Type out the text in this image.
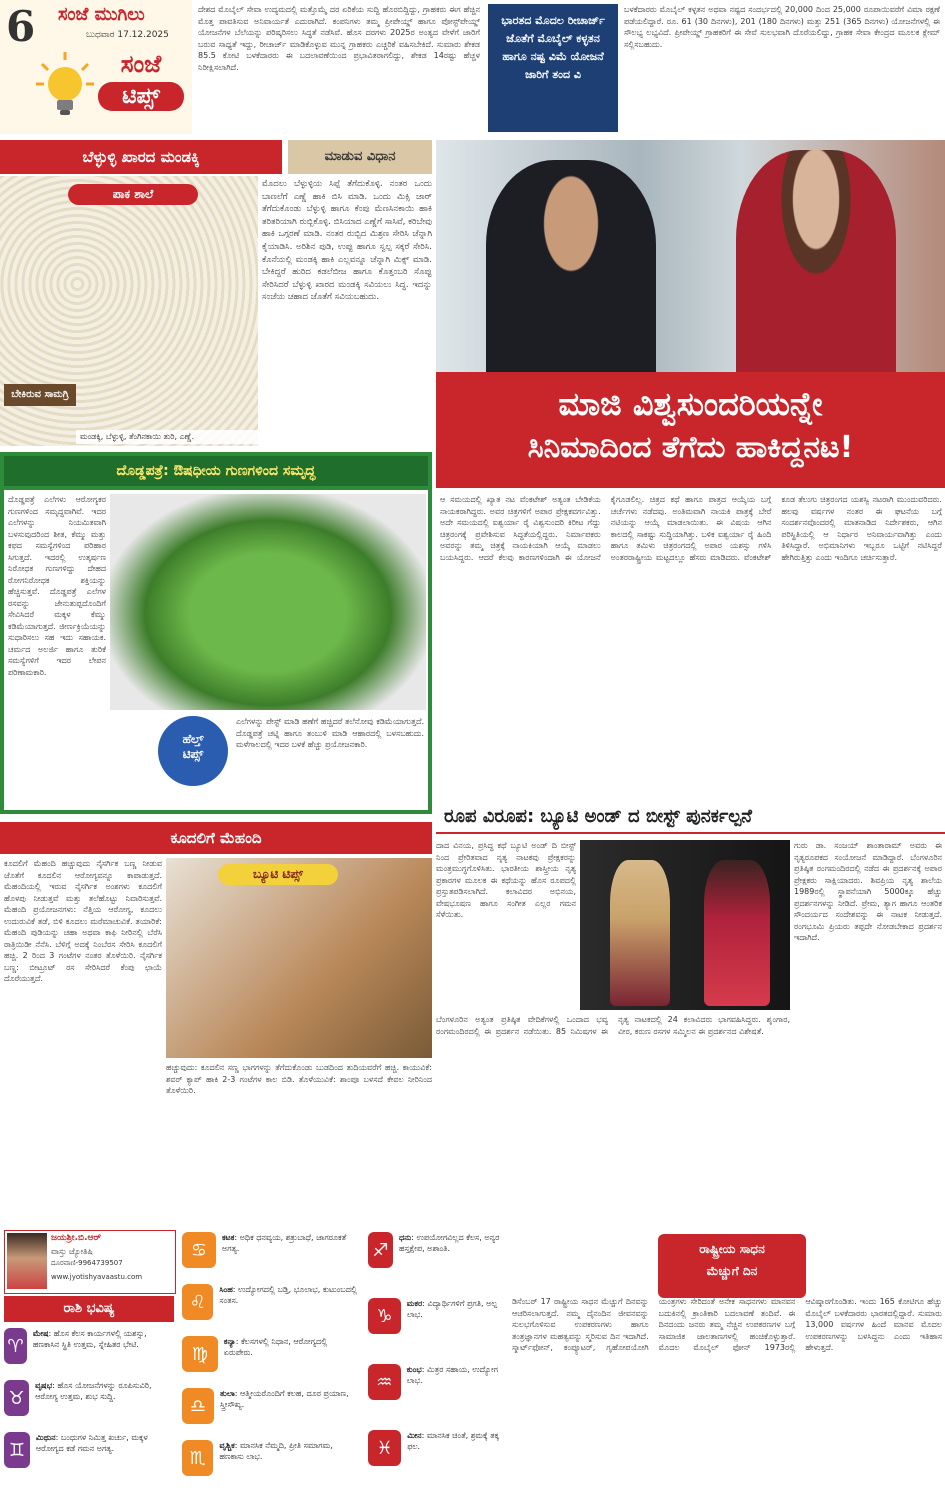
6 ಸಂಜೆ ಮುಗಿಲು
ಬುಧವಾರ 17.12.2025
ಸಂಜೆ
ಟಿಪ್ಸ್
ದೇಶದ ಮೊಬೈಲ್ ಸೇವಾ ಉದ್ಯಮದಲ್ಲಿ ಮತ್ತೊಮ್ಮೆ ದರ ಏರಿಕೆಯ ಸುದ್ದಿ ಹೊರಬಿದ್ದಿದ್ದು, ಗ್ರಾಹಕರು ಈಗ ಹೆಚ್ಚಿನ ಮೊತ್ತ ಪಾವತಿಸುವ ಅನಿವಾರ್ಯತೆ ಎದುರಾಗಿದೆ. ಕಂಪನಿಗಳು ತಮ್ಮ ಪ್ರೀಪೇಯ್ಡ್ ಹಾಗೂ ಪೋಸ್ಟ್‌ಪೇಯ್ಡ್ ಯೋಜನೆಗಳ ಬೆಲೆಯನ್ನು ಪರಿಷ್ಕರಿಸಲು ಸಿದ್ಧತೆ ನಡೆಸಿವೆ. ಹೊಸ ದರಗಳು 2025ರ ಅಂತ್ಯದ ವೇಳೆಗೆ ಜಾರಿಗೆ ಬರುವ ಸಾಧ್ಯತೆ ಇದ್ದು, ರೀಚಾರ್ಜ್ ಮಾಡಿಕೊಳ್ಳುವ ಮುನ್ನ ಗ್ರಾಹಕರು ಎಚ್ಚರಿಕೆ ವಹಿಸಬೇಕಿದೆ. ಸುಮಾರು ಶೇಕಡ 85.5 ಕೋಟಿ ಬಳಕೆದಾರರು ಈ ಬದಲಾವಣೆಯಿಂದ ಪ್ರಭಾವಿತರಾಗಲಿದ್ದು, ಶೇಕಡ 14ರಷ್ಟು ಹೆಚ್ಚಳ ನಿರೀಕ್ಷಿಸಲಾಗಿದೆ.
ಭಾರತದ ಮೊದಲ ರೀಚಾರ್ಜ್ ಜೊತೆಗೆ ಮೊಬೈಲ್ ಕಳ್ಳತನ ಹಾಗೂ ನಷ್ಟ ವಿಮೆ ಯೋಜನೆ ಜಾರಿಗೆ ತಂದ ವಿ
ಬಳಕೆದಾರರು ಮೊಬೈಲ್ ಕಳ್ಳತನ ಅಥವಾ ನಷ್ಟದ ಸಂದರ್ಭದಲ್ಲಿ 20,000 ದಿಂದ 25,000 ರೂಪಾಯಿವರೆಗೆ ವಿಮಾ ರಕ್ಷಣೆ ಪಡೆಯಲಿದ್ದಾರೆ. ರೂ. 61 (30 ದಿನಗಳು), 201 (180 ದಿನಗಳು) ಮತ್ತು 251 (365 ದಿನಗಳು) ಯೋಜನೆಗಳಲ್ಲಿ ಈ ಸೌಲಭ್ಯ ಲಭ್ಯವಿದೆ. ಪ್ರೀಪೇಯ್ಡ್ ಗ್ರಾಹಕರಿಗೆ ಈ ಸೇವೆ ಸುಲಭವಾಗಿ ದೊರೆಯಲಿದ್ದು, ಗ್ರಾಹಕ ಸೇವಾ ಕೇಂದ್ರದ ಮೂಲಕ ಕ್ಲೇಮ್ ಸಲ್ಲಿಸಬಹುದು.
ಬೆಳ್ಳುಳ್ಳಿ ಖಾರದ ಮಂಡಕ್ಕಿ	ಮಾಡುವ ವಿಧಾನ
ಪಾಕ ಶಾಲೆ
ಬೇಕಿರುವ ಸಾಮಗ್ರಿ
ಮಂಡಕ್ಕಿ, ಬೆಳ್ಳುಳ್ಳಿ, ತೆಂಗಿನಕಾಯಿ ತುರಿ, ಎಣ್ಣೆ.
ಮೊದಲು ಬೆಳ್ಳುಳ್ಳಿಯ ಸಿಪ್ಪೆ ತೆಗೆದುಕೊಳ್ಳಿ. ನಂತರ ಒಂದು ಬಾಣಲೆಗೆ ಎಣ್ಣೆ ಹಾಕಿ ಬಿಸಿ ಮಾಡಿ. ಒಂದು ಮಿಕ್ಸಿ ಜಾರ್ ತೆಗೆದುಕೊಂಡು ಬೆಳ್ಳುಳ್ಳಿ ಹಾಗೂ ಕೆಂಪು ಮೆಣಸಿನಕಾಯಿ ಹಾಕಿ ತರಿತರಿಯಾಗಿ ರುಬ್ಬಿಕೊಳ್ಳಿ. ಬಿಸಿಯಾದ ಎಣ್ಣೆಗೆ ಸಾಸಿವೆ, ಕರಿಬೇವು ಹಾಕಿ ಒಗ್ಗರಣೆ ಮಾಡಿ. ನಂತರ ರುಬ್ಬಿದ ಮಿಶ್ರಣ ಸೇರಿಸಿ ಚೆನ್ನಾಗಿ ಕೈಯಾಡಿಸಿ. ಅರಿಶಿನ ಪುಡಿ, ಉಪ್ಪು ಹಾಗೂ ಸ್ವಲ್ಪ ಸಕ್ಕರೆ ಸೇರಿಸಿ. ಕೊನೆಯಲ್ಲಿ ಮಂಡಕ್ಕಿ ಹಾಕಿ ಎಲ್ಲವನ್ನೂ ಚೆನ್ನಾಗಿ ಮಿಕ್ಸ್ ಮಾಡಿ. ಬೇಕಿದ್ದರೆ ಹುರಿದ ಕಡಲೆಬೀಜ ಹಾಗೂ ಕೊತ್ತಂಬರಿ ಸೊಪ್ಪು ಸೇರಿಸಿದರೆ ಬೆಳ್ಳುಳ್ಳಿ ಖಾರದ ಮಂಡಕ್ಕಿ ಸವಿಯಲು ಸಿದ್ಧ. ಇದನ್ನು ಸಂಜೆಯ ಚಹಾದ ಜೊತೆಗೆ ಸವಿಯಬಹುದು.
ದೊಡ್ಡಪತ್ರೆ: ಔಷಧೀಯ ಗುಣಗಳಿಂದ ಸಮೃದ್ಧ
ದೊಡ್ಡಪತ್ರೆ ಎಲೆಗಳು ಆರೋಗ್ಯಕರ ಗುಣಗಳಿಂದ ಸಮೃದ್ಧವಾಗಿವೆ. ಇದರ ಎಲೆಗಳನ್ನು ನಿಯಮಿತವಾಗಿ ಬಳಸುವುದರಿಂದ ಶೀತ, ಕೆಮ್ಮು ಮತ್ತು ಕಫದ ಸಮಸ್ಯೆಗಳಿಂದ ಪರಿಹಾರ ಸಿಗುತ್ತದೆ. ಇದರಲ್ಲಿ ಉತ್ಕರ್ಷಣ ನಿರೋಧಕ ಗುಣಗಳಿದ್ದು ದೇಹದ ರೋಗನಿರೋಧಕ ಶಕ್ತಿಯನ್ನು ಹೆಚ್ಚಿಸುತ್ತವೆ. ದೊಡ್ಡಪತ್ರೆ ಎಲೆಗಳ ರಸವನ್ನು ಜೇನುತುಪ್ಪದೊಂದಿಗೆ ಸೇವಿಸಿದರೆ ಮಕ್ಕಳ ಕೆಮ್ಮು ಕಡಿಮೆಯಾಗುತ್ತದೆ. ಜೀರ್ಣಕ್ರಿಯೆಯನ್ನು ಸುಧಾರಿಸಲು ಸಹ ಇದು ಸಹಾಯಕ. ಚರ್ಮದ ಅಲರ್ಜಿ ಹಾಗೂ ತುರಿಕೆ ಸಮಸ್ಯೆಗಳಿಗೆ ಇದರ ಲೇಪನ ಪರಿಣಾಮಕಾರಿ.
ಹೆಲ್ತ್
ಟಿಪ್ಸ್
ಎಲೆಗಳನ್ನು ಪೇಸ್ಟ್ ಮಾಡಿ ಹಣೆಗೆ ಹಚ್ಚಿದರೆ ತಲೆನೋವು ಕಡಿಮೆಯಾಗುತ್ತದೆ. ದೊಡ್ಡಪತ್ರೆ ಚಟ್ನಿ ಹಾಗೂ ತಂಬುಳಿ ಮಾಡಿ ಆಹಾರದಲ್ಲಿ ಬಳಸಬಹುದು. ಮಳೆಗಾಲದಲ್ಲಿ ಇದರ ಬಳಕೆ ಹೆಚ್ಚು ಪ್ರಯೋಜನಕಾರಿ.
ಕೂದಲಿಗೆ ಮೆಹಂದಿ
ಕೂದಲಿಗೆ ಮೆಹಂದಿ ಹಚ್ಚುವುದು ನೈಸರ್ಗಿಕ ಬಣ್ಣ ನೀಡುವ ಜೊತೆಗೆ ಕೂದಲಿನ ಆರೋಗ್ಯವನ್ನೂ ಕಾಪಾಡುತ್ತದೆ. ಮೆಹಂದಿಯಲ್ಲಿ ಇರುವ ನೈಸರ್ಗಿಕ ಅಂಶಗಳು ಕೂದಲಿಗೆ ಹೊಳಪು ನೀಡುತ್ತವೆ ಮತ್ತು ತಲೆಹೊಟ್ಟು ನಿವಾರಿಸುತ್ತವೆ. ಮೆಹಂದಿ ಪ್ರಯೋಜನಗಳು: ನೆತ್ತಿಯ ಆರೋಗ್ಯ, ಕೂದಲು ಉದುರುವಿಕೆ ತಡೆ, ಬಿಳಿ ಕೂದಲು ಮರೆಮಾಚುವಿಕೆ. ತಯಾರಿಕೆ: ಮೆಹಂದಿ ಪುಡಿಯನ್ನು ಚಹಾ ಅಥವಾ ಕಾಫಿ ನೀರಿನಲ್ಲಿ ಬೆರೆಸಿ ರಾತ್ರಿಯಿಡೀ ನೆನೆಸಿ. ಬೆಳಿಗ್ಗೆ ಅದಕ್ಕೆ ನಿಂಬೆರಸ ಸೇರಿಸಿ ಕೂದಲಿಗೆ ಹಚ್ಚಿ. 2 ರಿಂದ 3 ಗಂಟೆಗಳ ನಂತರ ತೊಳೆಯಿರಿ. ನೈಸರ್ಗಿಕ ಬಣ್ಣ: ಬೀಟ್ರೂಟ್ ರಸ ಸೇರಿಸಿದರೆ ಕೆಂಪು ಛಾಯೆ ದೊರೆಯುತ್ತದೆ.
ಬ್ಯೂಟಿ ಟಿಪ್ಸ್
ಹಚ್ಚುವುದು: ಕೂದಲಿನ ಸಣ್ಣ ಭಾಗಗಳನ್ನು ತೆಗೆದುಕೊಂಡು ಬುಡದಿಂದ ತುದಿಯವರೆಗೆ ಹಚ್ಚಿ. ಕಾಯುವಿಕೆ: ಶವರ್ ಕ್ಯಾಪ್ ಹಾಕಿ 2-3 ಗಂಟೆಗಳ ಕಾಲ ಬಿಡಿ. ತೊಳೆಯುವಿಕೆ: ಶಾಂಪೂ ಬಳಸದೆ ಕೇವಲ ನೀರಿನಿಂದ ತೊಳೆಯಿರಿ.
ಮಾಜಿ ವಿಶ್ವಸುಂದರಿಯನ್ನೇ
ಸಿನಿಮಾದಿಂದ ತೆಗೆದು ಹಾಕಿದ್ದನಟ!
ಆ ಸಮಯದಲ್ಲಿ ಖ್ಯಾತ ನಟ ವೆಂಕಟೇಶ್ ಅತ್ಯಂತ ಬೇಡಿಕೆಯ ನಾಯಕರಾಗಿದ್ದರು. ಅವರ ಚಿತ್ರಗಳಿಗೆ ಅಪಾರ ಪ್ರೇಕ್ಷಕವರ್ಗವಿತ್ತು. ಅದೇ ಸಮಯದಲ್ಲಿ ಐಶ್ವರ್ಯಾ ರೈ ವಿಶ್ವಸುಂದರಿ ಕಿರೀಟ ಗೆದ್ದು ಚಿತ್ರರಂಗಕ್ಕೆ ಪ್ರವೇಶಿಸುವ ಸಿದ್ಧತೆಯಲ್ಲಿದ್ದರು. ನಿರ್ಮಾಪಕರು ಅವರನ್ನು ತಮ್ಮ ಚಿತ್ರಕ್ಕೆ ನಾಯಕಿಯಾಗಿ ಆಯ್ಕೆ ಮಾಡಲು ಬಯಸಿದ್ದರು. ಆದರೆ ಕೆಲವು ಕಾರಣಗಳಿಂದಾಗಿ ಈ ಯೋಜನೆ ಕೈಗೂಡಲಿಲ್ಲ. ಚಿತ್ರದ ಕಥೆ ಹಾಗೂ ಪಾತ್ರದ ಆಯ್ಕೆಯ ಬಗ್ಗೆ ಚರ್ಚೆಗಳು ನಡೆದವು. ಅಂತಿಮವಾಗಿ ನಾಯಕಿ ಪಾತ್ರಕ್ಕೆ ಬೇರೆ ನಟಿಯನ್ನು ಆಯ್ಕೆ ಮಾಡಲಾಯಿತು. ಈ ವಿಷಯ ಆಗಿನ ಕಾಲದಲ್ಲಿ ಸಾಕಷ್ಟು ಸುದ್ದಿಯಾಗಿತ್ತು. ಬಳಿಕ ಐಶ್ವರ್ಯಾ ರೈ ಹಿಂದಿ ಹಾಗೂ ತಮಿಳು ಚಿತ್ರರಂಗದಲ್ಲಿ ಅಪಾರ ಯಶಸ್ಸು ಗಳಿಸಿ ಅಂತರರಾಷ್ಟ್ರೀಯ ಮಟ್ಟದಲ್ಲೂ ಹೆಸರು ಮಾಡಿದರು. ವೆಂಕಟೇಶ್ ಕೂಡ ತೆಲುಗು ಚಿತ್ರರಂಗದ ಯಶಸ್ವಿ ನಟರಾಗಿ ಮುಂದುವರಿದರು. ಹಲವು ವರ್ಷಗಳ ನಂತರ ಈ ಘಟನೆಯ ಬಗ್ಗೆ ಸಂದರ್ಶನವೊಂದರಲ್ಲಿ ಮಾತನಾಡಿದ ನಿರ್ದೇಶಕರು, ಆಗಿನ ಪರಿಸ್ಥಿತಿಯಲ್ಲಿ ಆ ನಿರ್ಧಾರ ಅನಿವಾರ್ಯವಾಗಿತ್ತು ಎಂದು ತಿಳಿಸಿದ್ದಾರೆ. ಅಭಿಮಾನಿಗಳು ಇಬ್ಬರೂ ಒಟ್ಟಿಗೆ ನಟಿಸಿದ್ದರೆ ಹೇಗಿರುತ್ತಿತ್ತು ಎಂದು ಇಂದಿಗೂ ಚರ್ಚಿಸುತ್ತಾರೆ.
ರೂಪ ವಿರೂಪ: ಬ್ಯೂಟಿ ಅಂಡ್ ದ ಬೀಸ್ಟ್ ಪುನರ್ಕಲ್ಪನೆ
ದಾದ ವಿನಯ, ಪ್ರಸಿದ್ಧ ಕಥೆ ಬ್ಯೂಟಿ ಅಂಡ್ ದಿ ಬೀಸ್ಟ್ ನಿಂದ ಪ್ರೇರಿತವಾದ ನೃತ್ಯ ನಾಟಕವು ಪ್ರೇಕ್ಷಕರನ್ನು ಮಂತ್ರಮುಗ್ಧಗೊಳಿಸಿತು. ಭಾರತೀಯ ಶಾಸ್ತ್ರೀಯ ನೃತ್ಯ ಪ್ರಕಾರಗಳ ಮೂಲಕ ಈ ಕಥೆಯನ್ನು ಹೊಸ ರೂಪದಲ್ಲಿ ಪ್ರಸ್ತುತಪಡಿಸಲಾಗಿದೆ. ಕಲಾವಿದರ ಅಭಿನಯ, ವೇಷಭೂಷಣ ಹಾಗೂ ಸಂಗೀತ ಎಲ್ಲರ ಗಮನ ಸೆಳೆಯಿತು.
ಗುರು ಡಾ. ಸಂಜಯ್ ಶಾಂತಾರಾಮ್ ಅವರು ಈ ನೃತ್ಯರೂಪಕದ ಸಂಯೋಜನೆ ಮಾಡಿದ್ದಾರೆ. ಬೆಂಗಳೂರಿನ ಪ್ರತಿಷ್ಠಿತ ರಂಗಮಂದಿರದಲ್ಲಿ ನಡೆದ ಈ ಪ್ರದರ್ಶನಕ್ಕೆ ಅಪಾರ ಪ್ರೇಕ್ಷಕರು ಸಾಕ್ಷಿಯಾದರು. ಶಿವಪ್ರಿಯ ನೃತ್ಯ ಶಾಲೆಯ 1989ರಲ್ಲಿ ಸ್ಥಾಪನೆಯಾಗಿ 5000ಕ್ಕೂ ಹೆಚ್ಚು ಪ್ರದರ್ಶನಗಳನ್ನು ನೀಡಿದೆ. ಪ್ರೇಮ, ತ್ಯಾಗ ಹಾಗೂ ಆಂತರಿಕ ಸೌಂದರ್ಯದ ಸಂದೇಶವನ್ನು ಈ ನಾಟಕ ನೀಡುತ್ತದೆ. ರಂಗಭೂಮಿ ಪ್ರಿಯರು ತಪ್ಪದೇ ನೋಡಬೇಕಾದ ಪ್ರದರ್ಶನ ಇದಾಗಿದೆ.
ಬೆಂಗಳೂರಿನ ಅತ್ಯಂತ ಪ್ರತಿಷ್ಠಿತ ವೇದಿಕೆಗಳಲ್ಲಿ ಒಂದಾದ ಭವ್ಯ ರಂಗಮಂದಿರದಲ್ಲಿ ಈ ಪ್ರದರ್ಶನ ನಡೆಯಿತು. 85 ನಿಮಿಷಗಳ ಈ ನೃತ್ಯ ನಾಟಕದಲ್ಲಿ 24 ಕಲಾವಿದರು ಭಾಗವಹಿಸಿದ್ದರು. ಶೃಂಗಾರ, ವೀರ, ಕರುಣ ರಸಗಳ ಸಮ್ಮಿಲನ ಈ ಪ್ರದರ್ಶನದ ವಿಶೇಷತೆ.
ಜಯಶ್ರೀ.ಬಿ.ಆರ್
ವಾಸ್ತು ಜ್ಯೋತಿಷಿ
ದೂರವಾಣಿ-9964739507
www.jyotishyavaastu.com
ರಾಶಿ ಭವಿಷ್ಯ
♈
ಮೇಷ: ಹೊಸ ಕೆಲಸ ಕಾರ್ಯಗಳಲ್ಲಿ ಯಶಸ್ಸು, ಹಣಕಾಸಿನ ಸ್ಥಿತಿ ಉತ್ತಮ, ಸ್ನೇಹಿತರ ಭೇಟಿ.
♉
ವೃಷಭ: ಹೊಸ ಯೋಜನೆಗಳನ್ನು ರೂಪಿಸುವಿರಿ, ಆರೋಗ್ಯ ಉತ್ತಮ, ಶುಭ ಸುದ್ದಿ.
♊
ಮಿಥುನ: ಬಂಧುಗಳ ನಿಮಿತ್ತ ಖರ್ಚು, ಮಕ್ಕಳ ಆರೋಗ್ಯದ ಕಡೆ ಗಮನ ಅಗತ್ಯ.
♋
ಕಟಕ: ಅಧಿಕ ಧನವ್ಯಯ, ಶತ್ರುಬಾಧೆ, ಜಾಗರೂಕತೆ ಅಗತ್ಯ.
♌
ಸಿಂಹ: ಉದ್ಯೋಗದಲ್ಲಿ ಬಡ್ತಿ, ಭೂಲಾಭ, ಕುಟುಂಬದಲ್ಲಿ ಸಂತಸ.
♍
ಕನ್ಯಾ: ಕೆಲಸಗಳಲ್ಲಿ ನಿಧಾನ, ಆರೋಗ್ಯದಲ್ಲಿ ಏರುಪೇರು.
♎
ತುಲಾ: ಆತ್ಮೀಯರೊಂದಿಗೆ ಕಲಹ, ದೂರ ಪ್ರಯಾಣ, ಸ್ತ್ರೀಸೌಖ್ಯ.
♏
ವೃಶ್ಚಿಕ: ಮಾನಸಿಕ ನೆಮ್ಮದಿ, ಪ್ರೀತಿ ಸಮಾಗಮ, ಹಣಕಾಸು ಲಾಭ.
♐
ಧನು: ಉಪಯೋಗವಿಲ್ಲದ ಕೆಲಸ, ಅನ್ಯರ ಹಸ್ತಕ್ಷೇಪ, ಅಶಾಂತಿ.
♑
ಮಕರ: ವಿದ್ಯಾರ್ಥಿಗಳಿಗೆ ಪ್ರಗತಿ, ಅಲ್ಪ ಲಾಭ.
♒
ಕುಂಭ: ಮಿತ್ರರ ಸಹಾಯ, ಉದ್ಯೋಗ ಲಾಭ.
♓
ಮೀನ: ಮಾನಸಿಕ ಚಿಂತೆ, ಶ್ರಮಕ್ಕೆ ತಕ್ಕ ಫಲ.
ರಾಷ್ಟ್ರೀಯ ಸಾಧನ
ಮೆಚ್ಚುಗೆ ದಿನ
ಡಿಸೆಂಬರ್ 17 ರಾಷ್ಟ್ರೀಯ ಸಾಧನ ಮೆಚ್ಚುಗೆ ದಿನವನ್ನು ಆಚರಿಸಲಾಗುತ್ತದೆ. ನಮ್ಮ ದೈನಂದಿನ ಜೀವನವನ್ನು ಸುಲಭಗೊಳಿಸುವ ಉಪಕರಣಗಳು ಹಾಗೂ ತಂತ್ರಜ್ಞಾನಗಳ ಮಹತ್ವವನ್ನು ಸ್ಮರಿಸುವ ದಿನ ಇದಾಗಿದೆ. ಸ್ಮಾರ್ಟ್‌ಫೋನ್, ಕಂಪ್ಯೂಟರ್, ಗೃಹೋಪಯೋಗಿ ಯಂತ್ರಗಳು ಸೇರಿದಂತೆ ಅನೇಕ ಸಾಧನಗಳು ಮಾನವನ ಬದುಕಿನಲ್ಲಿ ಕ್ರಾಂತಿಕಾರಿ ಬದಲಾವಣೆ ತಂದಿವೆ. ಈ ದಿನದಂದು ಜನರು ತಮ್ಮ ನೆಚ್ಚಿನ ಉಪಕರಣಗಳ ಬಗ್ಗೆ ಸಾಮಾಜಿಕ ಜಾಲತಾಣಗಳಲ್ಲಿ ಹಂಚಿಕೊಳ್ಳುತ್ತಾರೆ. ಮೊದಲ ಮೊಬೈಲ್ ಫೋನ್ 1973ರಲ್ಲಿ ಆವಿಷ್ಕಾರಗೊಂಡಿತು. ಇಂದು 165 ಕೋಟಿಗೂ ಹೆಚ್ಚು ಮೊಬೈಲ್ ಬಳಕೆದಾರರು ಭಾರತದಲ್ಲಿದ್ದಾರೆ. ಸುಮಾರು 13,000 ವರ್ಷಗಳ ಹಿಂದೆ ಮಾನವ ಮೊದಲ ಉಪಕರಣಗಳನ್ನು ಬಳಸಿದ್ದನು ಎಂದು ಇತಿಹಾಸ ಹೇಳುತ್ತದೆ.
